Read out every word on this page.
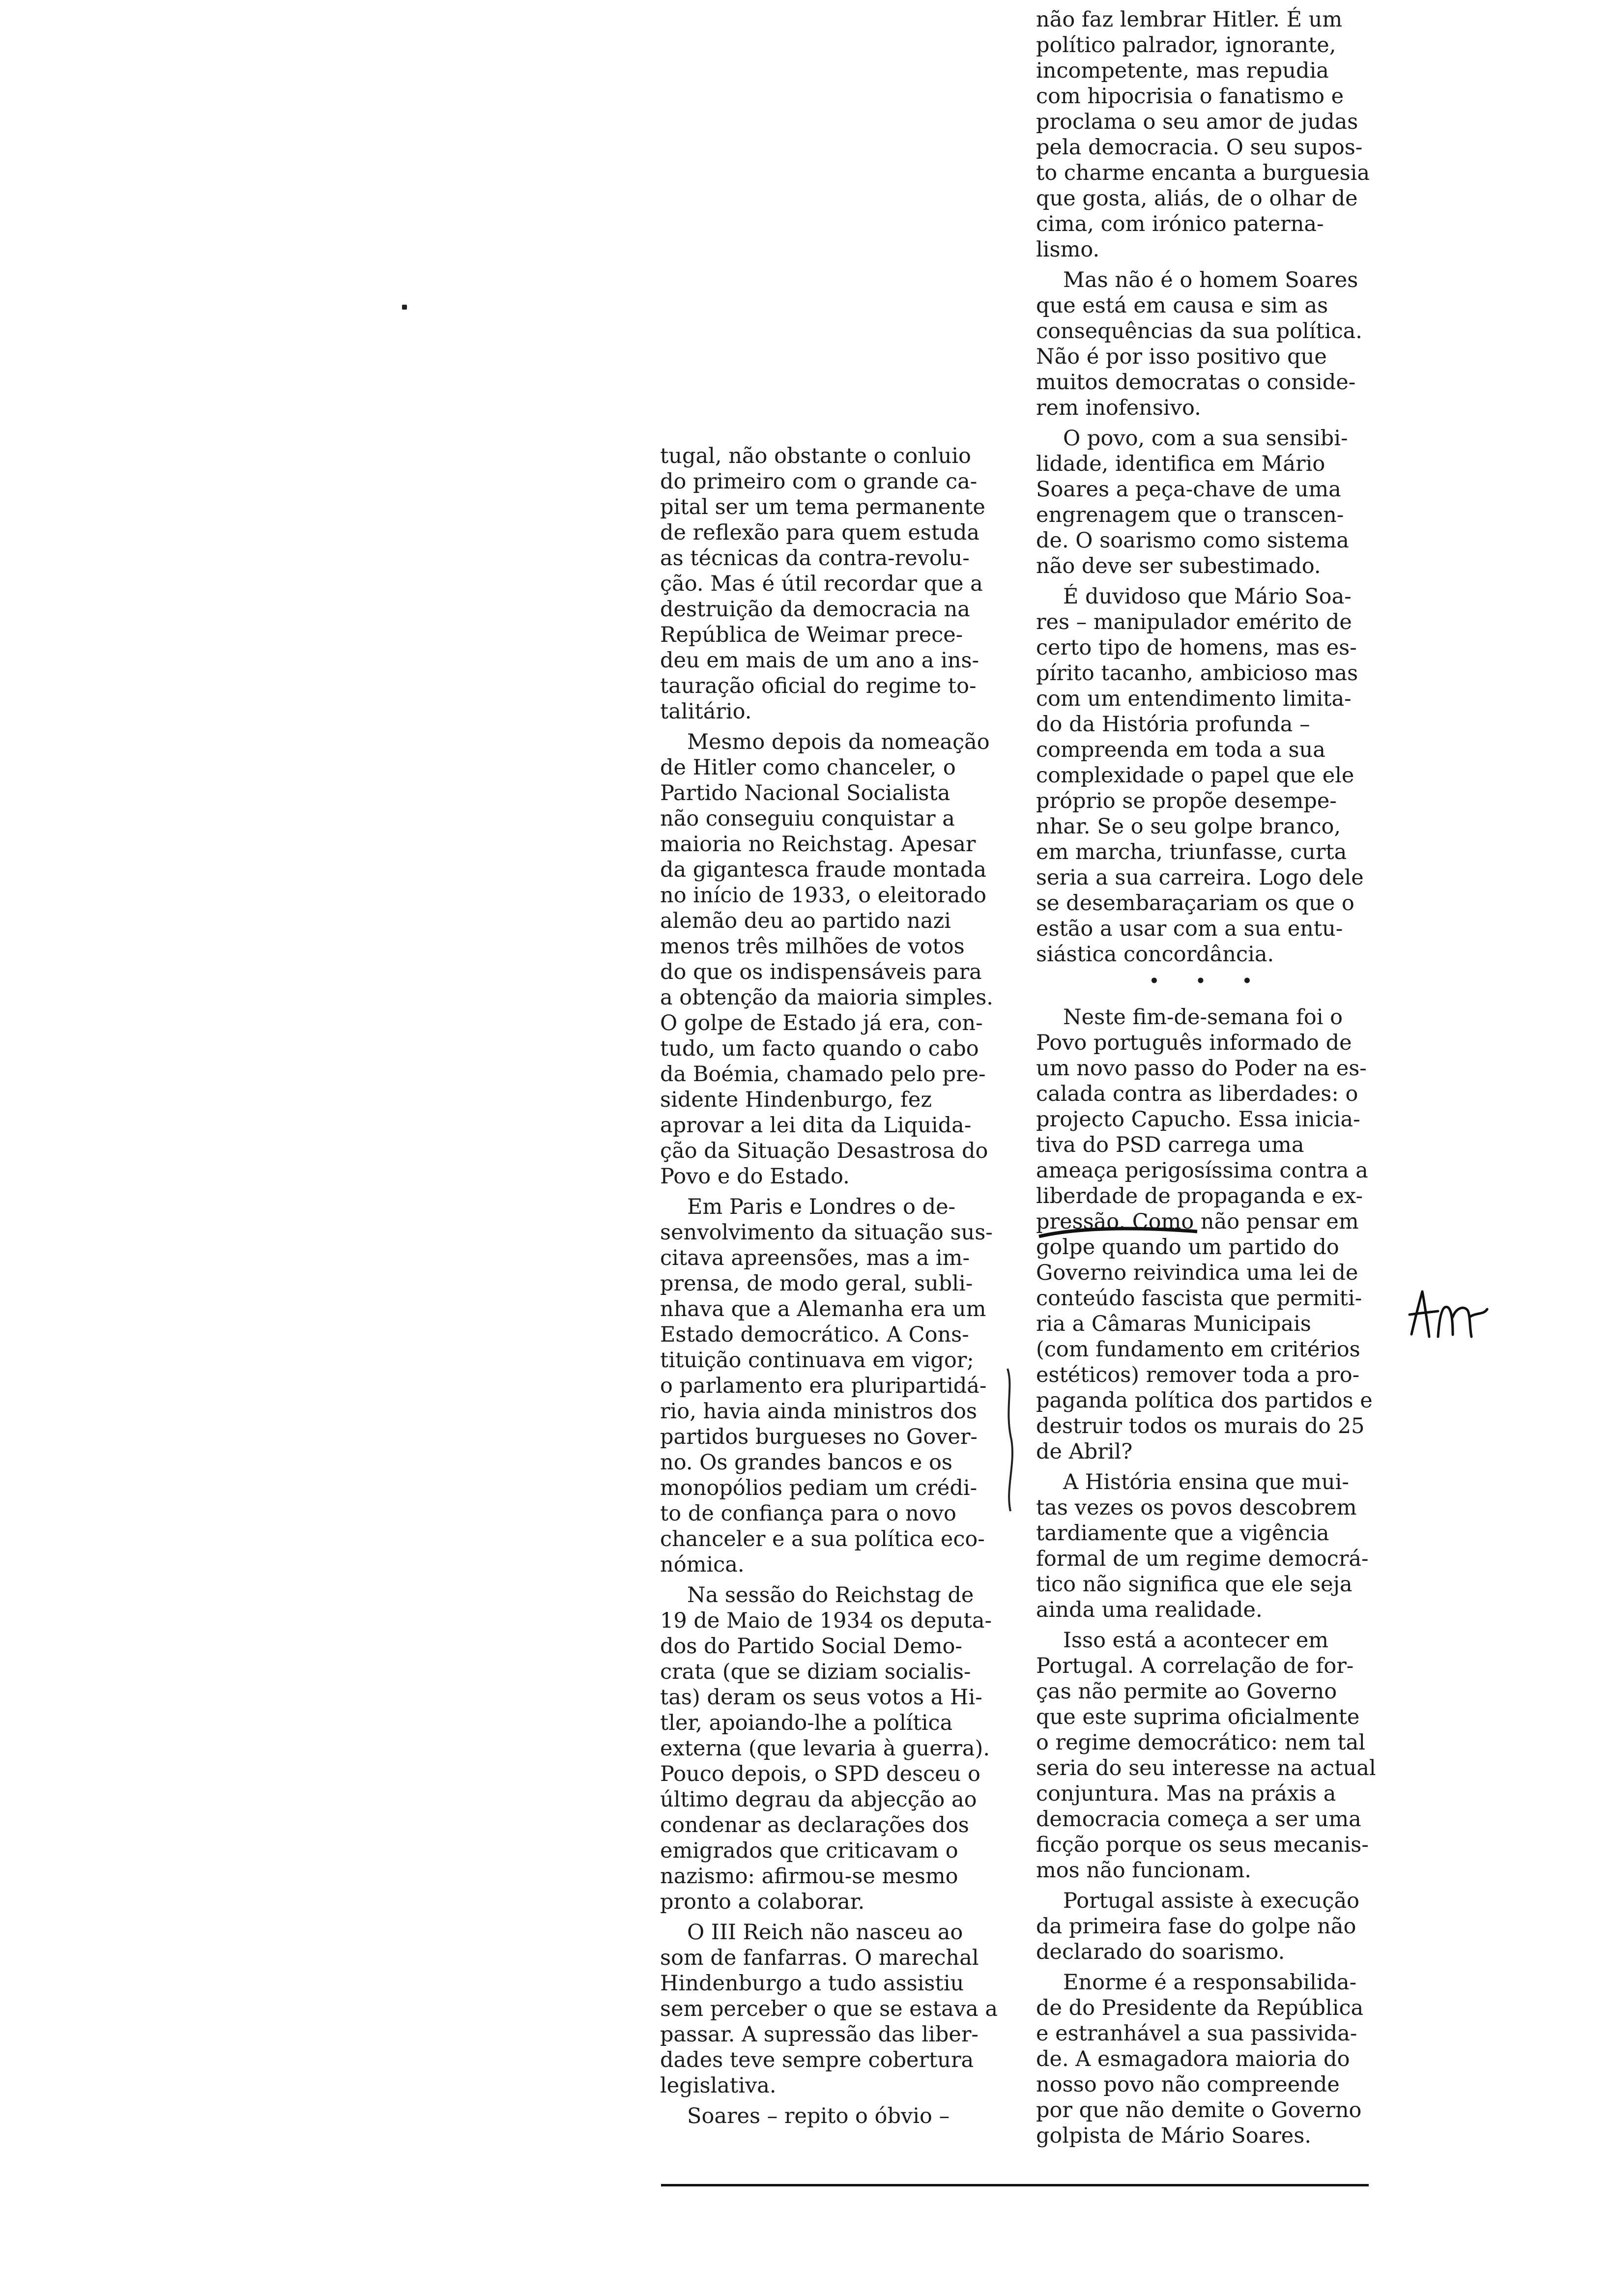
tugal, não obstante o conluio
do primeiro com o grande ca-
pital ser um tema permanente
de reflexão para quem estuda
as técnicas da contra-revolu-
ção. Mas é útil recordar que a
destruição da democracia na
República de Weimar prece-
deu em mais de um ano a ins-
tauração oficial do regime to-
talitário.
Mesmo depois da nomeação
de Hitler como chanceler, o
Partido Nacional Socialista
não conseguiu conquistar a
maioria no Reichstag. Apesar
da gigantesca fraude montada
no início de 1933, o eleitorado
alemão deu ao partido nazi
menos três milhões de votos
do que os indispensáveis para
a obtenção da maioria simples.
O golpe de Estado já era, con-
tudo, um facto quando o cabo
da Boémia, chamado pelo pre-
sidente Hindenburgo, fez
aprovar a lei dita da Liquida-
ção da Situação Desastrosa do
Povo e do Estado.
Em Paris e Londres o de-
senvolvimento da situação sus-
citava apreensões, mas a im-
prensa, de modo geral, subli-
nhava que a Alemanha era um
Estado democrático. A Cons-
tituição continuava em vigor;
o parlamento era pluripartidá-
rio, havia ainda ministros dos
partidos burgueses no Gover-
no. Os grandes bancos e os
monopólios pediam um crédi-
to de confiança para o novo
chanceler e a sua política eco-
nómica.
Na sessão do Reichstag de
19 de Maio de 1934 os deputa-
dos do Partido Social Demo-
crata (que se diziam socialis-
tas) deram os seus votos a Hi-
tler, apoiando-lhe a política
externa (que levaria à guerra).
Pouco depois, o SPD desceu o
último degrau da abjecção ao
condenar as declarações dos
emigrados que criticavam o
nazismo: afirmou-se mesmo
pronto a colaborar.
O III Reich não nasceu ao
som de fanfarras. O marechal
Hindenburgo a tudo assistiu
sem perceber o que se estava a
passar. A supressão das liber-
dades teve sempre cobertura
legislativa.
Soares – repito o óbvio –
não faz lembrar Hitler. É um
político palrador, ignorante,
incompetente, mas repudia
com hipocrisia o fanatismo e
proclama o seu amor de judas
pela democracia. O seu supos-
to charme encanta a burguesia
que gosta, aliás, de o olhar de
cima, com irónico paterna-
lismo.
Mas não é o homem Soares
que está em causa e sim as
consequências da sua política.
Não é por isso positivo que
muitos democratas o conside-
rem inofensivo.
O povo, com a sua sensibi-
lidade, identifica em Mário
Soares a peça-chave de uma
engrenagem que o transcen-
de. O soarismo como sistema
não deve ser subestimado.
É duvidoso que Mário Soa-
res – manipulador emérito de
certo tipo de homens, mas es-
pírito tacanho, ambicioso mas
com um entendimento limita-
do da História profunda –
compreenda em toda a sua
complexidade o papel que ele
próprio se propõe desempe-
nhar. Se o seu golpe branco,
em marcha, triunfasse, curta
seria a sua carreira. Logo dele
se desembaraçariam os que o
estão a usar com a sua entu-
siástica concordância.
• • •
Neste fim-de-semana foi o
Povo português informado de
um novo passo do Poder na es-
calada contra as liberdades: o
projecto Capucho. Essa inicia-
tiva do PSD carrega uma
ameaça perigosíssima contra a
liberdade de propaganda e ex-
pressão. Como não pensar em
golpe quando um partido do
Governo reivindica uma lei de
conteúdo fascista que permiti-
ria a Câmaras Municipais
(com fundamento em critérios
estéticos) remover toda a pro-
paganda política dos partidos e
destruir todos os murais do 25
de Abril?
A História ensina que mui-
tas vezes os povos descobrem
tardiamente que a vigência
formal de um regime democrá-
tico não significa que ele seja
ainda uma realidade.
Isso está a acontecer em
Portugal. A correlação de for-
ças não permite ao Governo
que este suprima oficialmente
o regime democrático: nem tal
seria do seu interesse na actual
conjuntura. Mas na práxis a
democracia começa a ser uma
ficção porque os seus mecanis-
mos não funcionam.
Portugal assiste à execução
da primeira fase do golpe não
declarado do soarismo.
Enorme é a responsabilida-
de do Presidente da República
e estranhável a sua passivida-
de. A esmagadora maioria do
nosso povo não compreende
por que não demite o Governo
golpista de Mário Soares.
